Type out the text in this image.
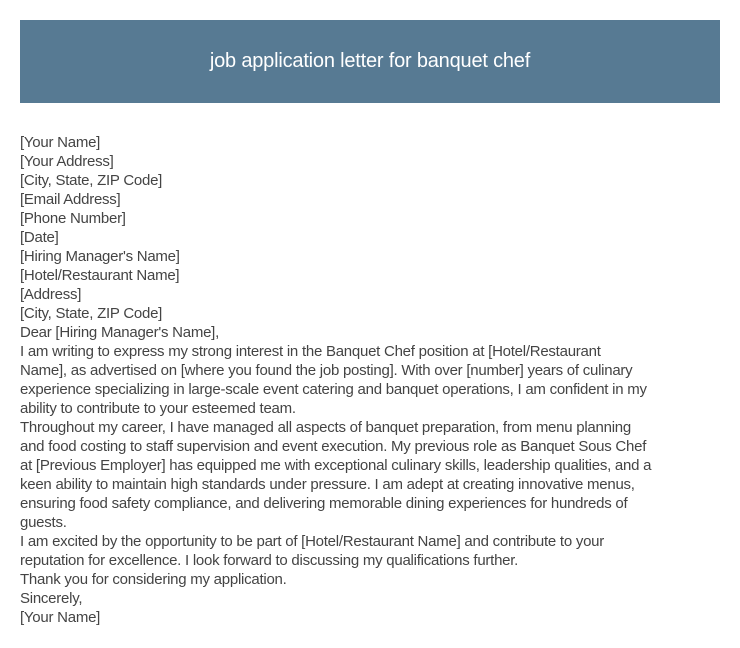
job application letter for banquet chef
[Your Name]
[Your Address]
[City, State, ZIP Code]
[Email Address]
[Phone Number]
[Date]
[Hiring Manager's Name]
[Hotel/Restaurant Name]
[Address]
[City, State, ZIP Code]
Dear [Hiring Manager's Name],
I am writing to express my strong interest in the Banquet Chef position at [Hotel/Restaurant
Name], as advertised on [where you found the job posting]. With over [number] years of culinary
experience specializing in large-scale event catering and banquet operations, I am confident in my
ability to contribute to your esteemed team.
Throughout my career, I have managed all aspects of banquet preparation, from menu planning
and food costing to staff supervision and event execution. My previous role as Banquet Sous Chef
at [Previous Employer] has equipped me with exceptional culinary skills, leadership qualities, and a
keen ability to maintain high standards under pressure. I am adept at creating innovative menus,
ensuring food safety compliance, and delivering memorable dining experiences for hundreds of
guests.
I am excited by the opportunity to be part of [Hotel/Restaurant Name] and contribute to your
reputation for excellence. I look forward to discussing my qualifications further.
Thank you for considering my application.
Sincerely,
[Your Name]
